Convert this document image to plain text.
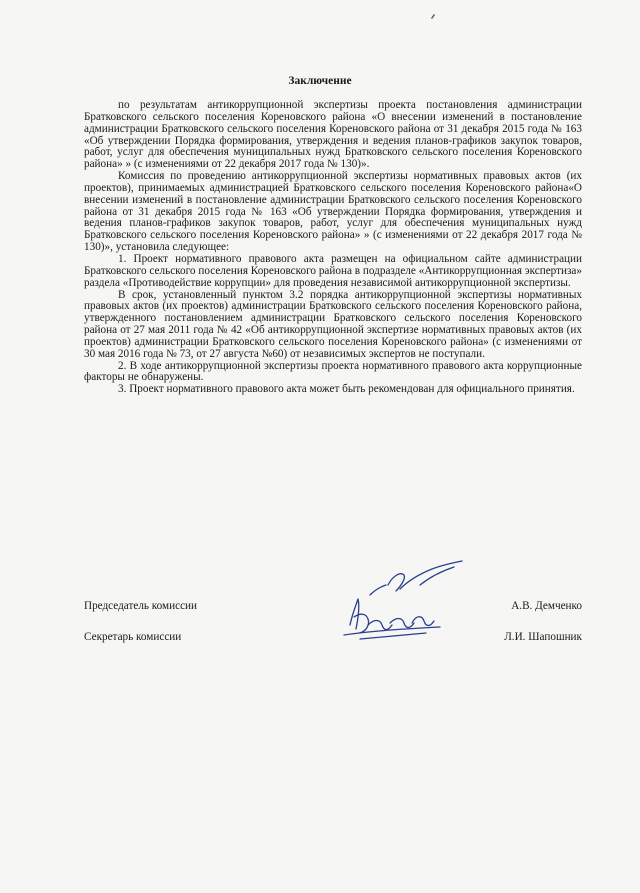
Заключение

по результатам антикоррупционной экспертизы проекта постановления администрации Братковского сельского поселения Кореновского района «О внесении изменений в постановление администрации Братковского сельского поселения Кореновского района от 31 декабря 2015 года № 163 «Об утверждении Порядка формирования, утверждения и ведения планов-графиков закупок товаров, работ, услуг для обеспечения муниципальных нужд Братковского сельского поселения Кореновского района» » (с изменениями от 22 декабря 2017 года № 130)».

Комиссия по проведению антикоррупционной экспертизы нормативных правовых актов (их проектов), принимаемых администрацией Братковского сельского поселения Кореновского района«О внесении изменений в постановление администрации Братковского сельского поселения Кореновского района от 31 декабря 2015 года № 163 «Об утверждении Порядка формирования, утверждения и ведения планов-графиков закупок товаров, работ, услуг для обеспечения муниципальных нужд Братковского сельского поселения Кореновского района» » (с изменениями от 22 декабря 2017 года № 130)», установила следующее:

1. Проект нормативного правового акта размещен на официальном сайте администрации Братковского сельского поселения Кореновского района в подразделе «Антикоррупционная экспертиза» раздела «Противодействие коррупции» для проведения независимой антикоррупционной экспертизы.

В срок, установленный пунктом 3.2 порядка антикоррупционной экспертизы нормативных правовых актов (их проектов) администрации Братковского сельского поселения Кореновского района, утвержденного постановлением администрации Братковского сельского поселения Кореновского района от 27 мая 2011 года № 42 «Об антикоррупционной экспертизе нормативных правовых актов (их проектов) администрации Братковского сельского поселения Кореновского района» (с изменениями от 30 мая 2016 года № 73, от 27 августа №60) от независимых экспертов не поступали.

2. В ходе антикоррупционной экспертизы проекта нормативного правового акта коррупционные факторы не обнаружены.

3. Проект нормативного правового акта может быть рекомендован для официального принятия.

Председатель комиссии	А.В. Демченко
Секретарь комиссии	Л.И. Шапошник
